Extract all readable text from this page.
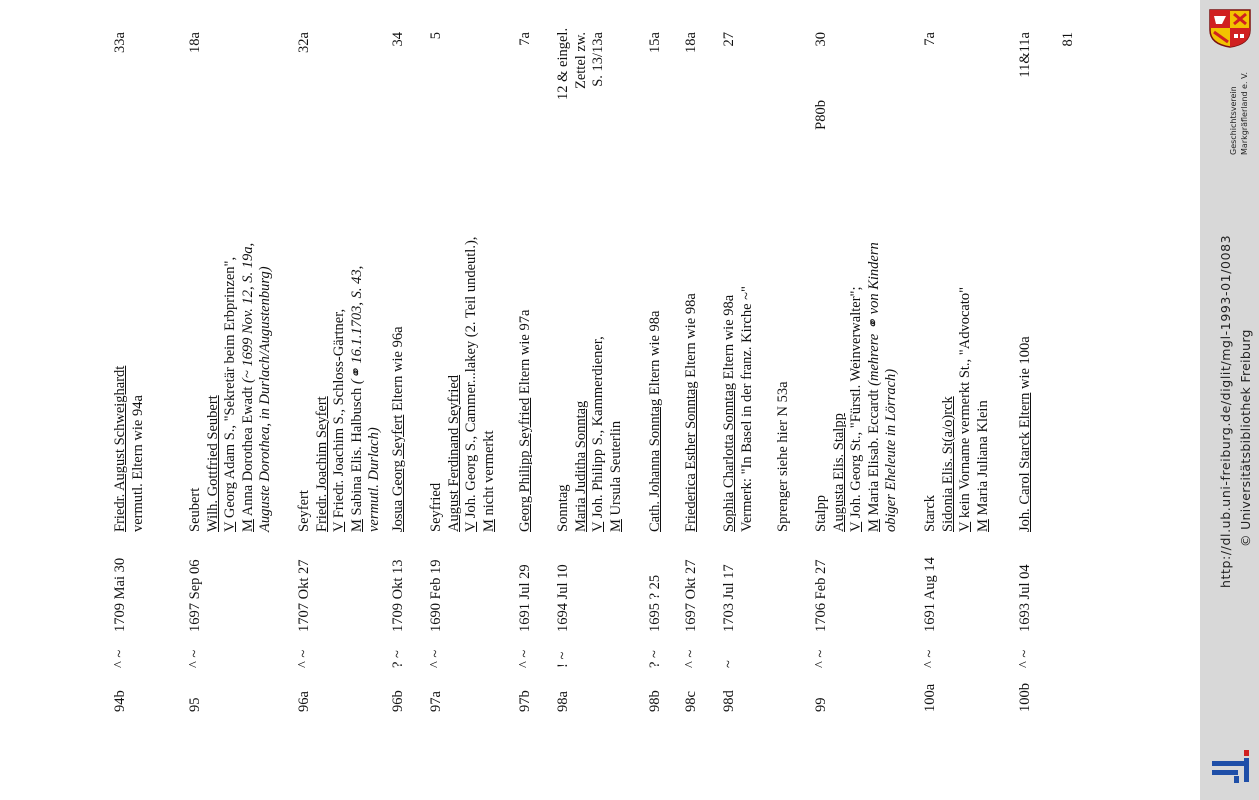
94b
^ ~
1709 Mai 30
Friedr. August Schweighardt vermutl. Eltern wie 94a
33a
95
^ ~
1697 Sep 06
Seubert Wilh. Gottfried Seubert V Georg Adam S., "Sekretär beim Erbprinzen",
M Anna Dorothea Ewadt (~ 1699 Nov. 12, S. 19a, Auguste Dorothea, in Durlach/Augustenburg)
18a
96a
^ ~
1707 Okt 27
Seyfert Friedr. Joachim Seyfert V Friedr. Joachim S., Schloss-Gärtner,
M Sabina Elis. Halbusch (⚭ 16.1.1703, S. 43,
vermutl. Durlach)
32a
96b
? ~
1709 Okt 13
Josua Georg Seyfert Eltern wie 96a
34
97a
^ ~
1690 Feb 19
Seyfried August Ferdinand Seyfried V Joh. Georg S., Cammer...lakey (2. Teil undeutl.),
M nicht vermerkt
5
97b
^ ~
1691 Jul 29
Georg Philipp Seyfried Eltern wie 97a
7a
98a
! ~
1694 Jul 10
Sonntag Maria Juditha Sonntag V Joh. Philipp S., Kammerdiener,
M Ursula Seuterlin
12 & eingel. Zettel zw. S. 13/13a
98b
? ~
1695 ? 25
Cath. Johanna Sonntag Eltern wie 98a
15a
98c
^ ~
1697 Okt 27
Friederica Esther Sonntag Eltern wie 98a
18a
98d
~
1703 Jul 17
Sophia Charlotta Sonntag Eltern wie 98a Vermerk: "In Basel in der franz. Kirche ~"
27
Sprenger siehe hier N 53a
99
^ ~
1706 Feb 27
Stalpp Augusta Elis. Stalpp V Joh. Georg St., "Fürstl. Weinverwalter";
M Maria Elisab. Eccardt (mehrere ⚭ von Kindern
obiger Eheleute in Lörrach)
30
P80b
100a
^ ~
1691 Aug 14
Starck Sidonia Elis. St(a/o)rck V kein Vorname vermerkt St., "Advocato"
M Maria Juliana Klein
7a
100b
^ ~
1693 Jul 04
Joh. Carol Starck Eltern wie 100a
11&11a 81
Geschichtsverein Markgräflerland e. V.
http://dl.ub.uni-freiburg.de/diglit/mgl-1993-01/0083 © Universitätsbibliothek Freiburg
